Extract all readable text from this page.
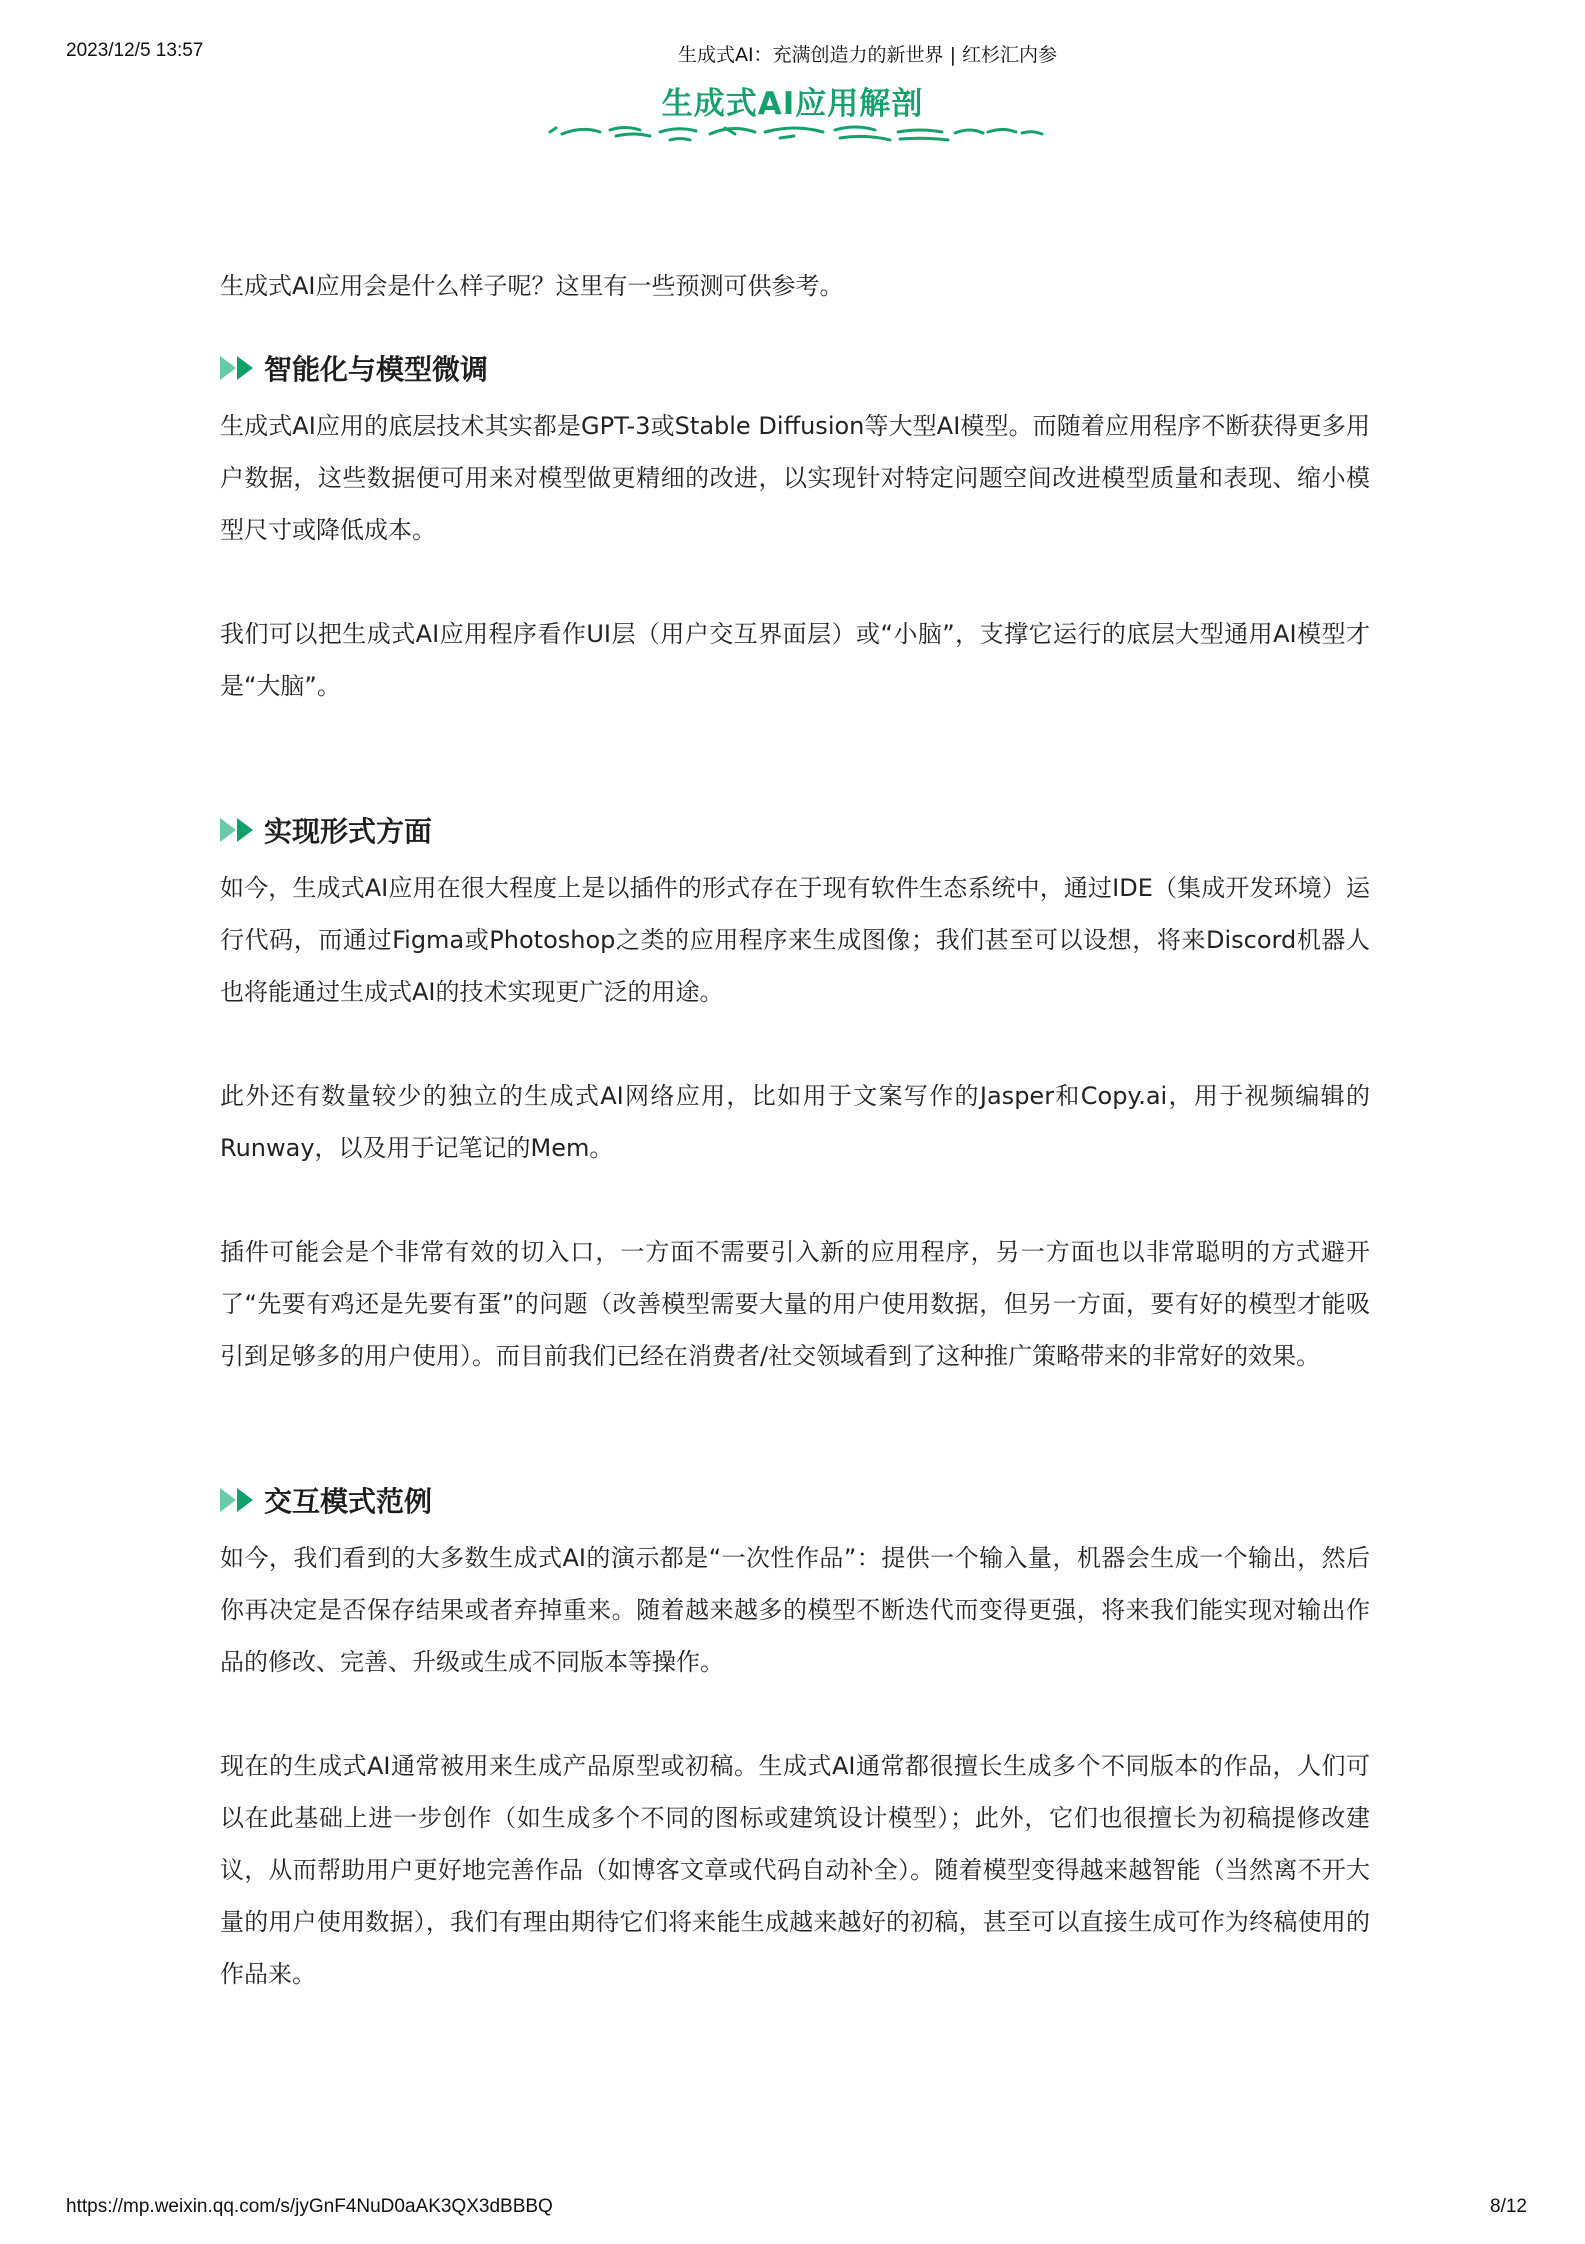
2023/12/5 13:57	生成式AI：充满创造力的新世界 | 红杉汇内参
生成式AI应用解剖

生成式AI应用会是什么样子呢？这里有一些预测可供参考。

智能化与模型微调

生成式AI应用的底层技术其实都是GPT-3或Stable Diffusion等大型AI模型。而随着应用程序不断获得更多用户数据，这些数据便可用来对模型做更精细的改进，以实现针对特定问题空间改进模型质量和表现、缩小模型尺寸或降低成本。

我们可以把生成式AI应用程序看作UI层（用户交互界面层）或“小脑”，支撑它运行的底层大型通用AI模型才是“大脑”。

实现形式方面

如今，生成式AI应用在很大程度上是以插件的形式存在于现有软件生态系统中，通过IDE（集成开发环境）运行代码，而通过Figma或Photoshop之类的应用程序来生成图像；我们甚至可以设想，将来Discord机器人也将能通过生成式AI的技术实现更广泛的用途。

此外还有数量较少的独立的生成式AI网络应用，比如用于文案写作的Jasper和Copy.ai，用于视频编辑的Runway，以及用于记笔记的Mem。

插件可能会是个非常有效的切入口，一方面不需要引入新的应用程序，另一方面也以非常聪明的方式避开了“先要有鸡还是先要有蛋”的问题（改善模型需要大量的用户使用数据，但另一方面，要有好的模型才能吸引到足够多的用户使用）。而目前我们已经在消费者/社交领域看到了这种推广策略带来的非常好的效果。

交互模式范例

如今，我们看到的大多数生成式AI的演示都是“一次性作品”：提供一个输入量，机器会生成一个输出，然后你再决定是否保存结果或者弃掉重来。随着越来越多的模型不断迭代而变得更强，将来我们能实现对输出作品的修改、完善、升级或生成不同版本等操作。

现在的生成式AI通常被用来生成产品原型或初稿。生成式AI通常都很擅长生成多个不同版本的作品，人们可以在此基础上进一步创作（如生成多个不同的图标或建筑设计模型）；此外，它们也很擅长为初稿提修改建议，从而帮助用户更好地完善作品（如博客文章或代码自动补全）。随着模型变得越来越智能（当然离不开大量的用户使用数据），我们有理由期待它们将来能生成越来越好的初稿，甚至可以直接生成可作为终稿使用的作品来。

https://mp.weixin.qq.com/s/jyGnF4NuD0aAK3QX3dBBBQ	8/12
